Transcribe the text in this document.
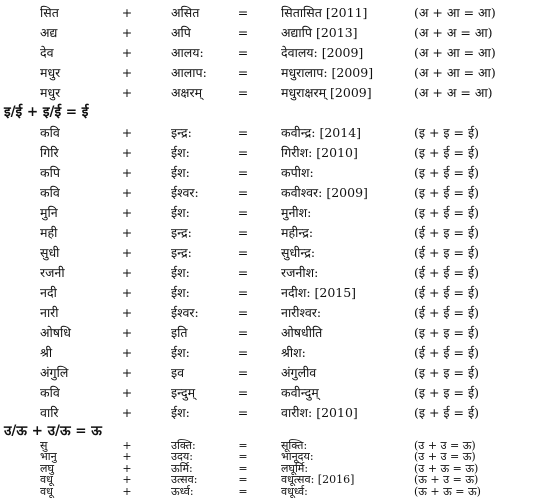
सित	+	असित	=	सितासित [2011]	(अ + आ = आ)
अद्य	+	अपि	=	अद्यापि [2013]	(अ + अ = आ)
देव	+	आलय:	=	देवालय: [2009]	(अ + आ = आ)
मधुर	+	आलाप: =	मधुरालाप: [2009]	(अ + आ = आ)
मधुर	+	अक्षरम्	=	मधुराक्षरम् [2009]	(अ + अ = आ)
इ/ई + इ/ई = ई
कवि	+	इन्द्र:	=	कवीन्द्र: [2014]	(इ + इ = ई)
गिरि	+	ईश:	=	गिरीश: [2010]	(इ + ई = ई)
कपि	+	ईश:	=	कपीश:	(इ + ई = ई)
कवि	+	ईश्वर:	=	कवीश्वर: [2009]	(इ + ई = ई)
मुनि	+	ईश:	=	मुनीश:	(इ + ई = ई)
मही	+	इन्द्र:	=	महीन्द्र:	(ई + इ = ई)
सुधी	+	इन्द्र:	=	सुधीन्द्र:	(ई + इ = ई)
रजनी	+	ईश:	=	रजनीश:	(ई + ई = ई)
नदी	+	ईश:	=	नदीश: [2015]	(ई + ई = ई)
नारी	+	ईश्वर:	=	नारीश्वर:	(ई + ई = ई)
ओषधि	+	इति	=	ओषधीति	(इ + इ = ई)
श्री	+	ईश:	=	श्रीश:	(ई + ई = ई)
अंगुलि	+	इव	=	अंगुलीव	(इ + इ = ई)
कवि	+	इन्दुम्	=	कवीन्दुम्	(इ + इ = ई)
वारि	+	ईश:	=	वारीश: [2010]	(इ + ई = ई)
उ/ऊ + उ/ऊ = ऊ
सु	+	उक्ति:	=	सूक्ति:	(उ + उ = ऊ)
भानु	+	उदय:	=	भानूदय:	(उ + उ = ऊ)
लघु	+	ऊर्मि:	=	लघूर्मि:	(उ + ऊ = ऊ)
वधू	+	उत्सव:	=	वधूत्सव: [2016]	(ऊ + उ = ऊ)
वधू	+	ऊर्ध्व:	=	वधूर्ध्व:	(ऊ + ऊ = ऊ)
